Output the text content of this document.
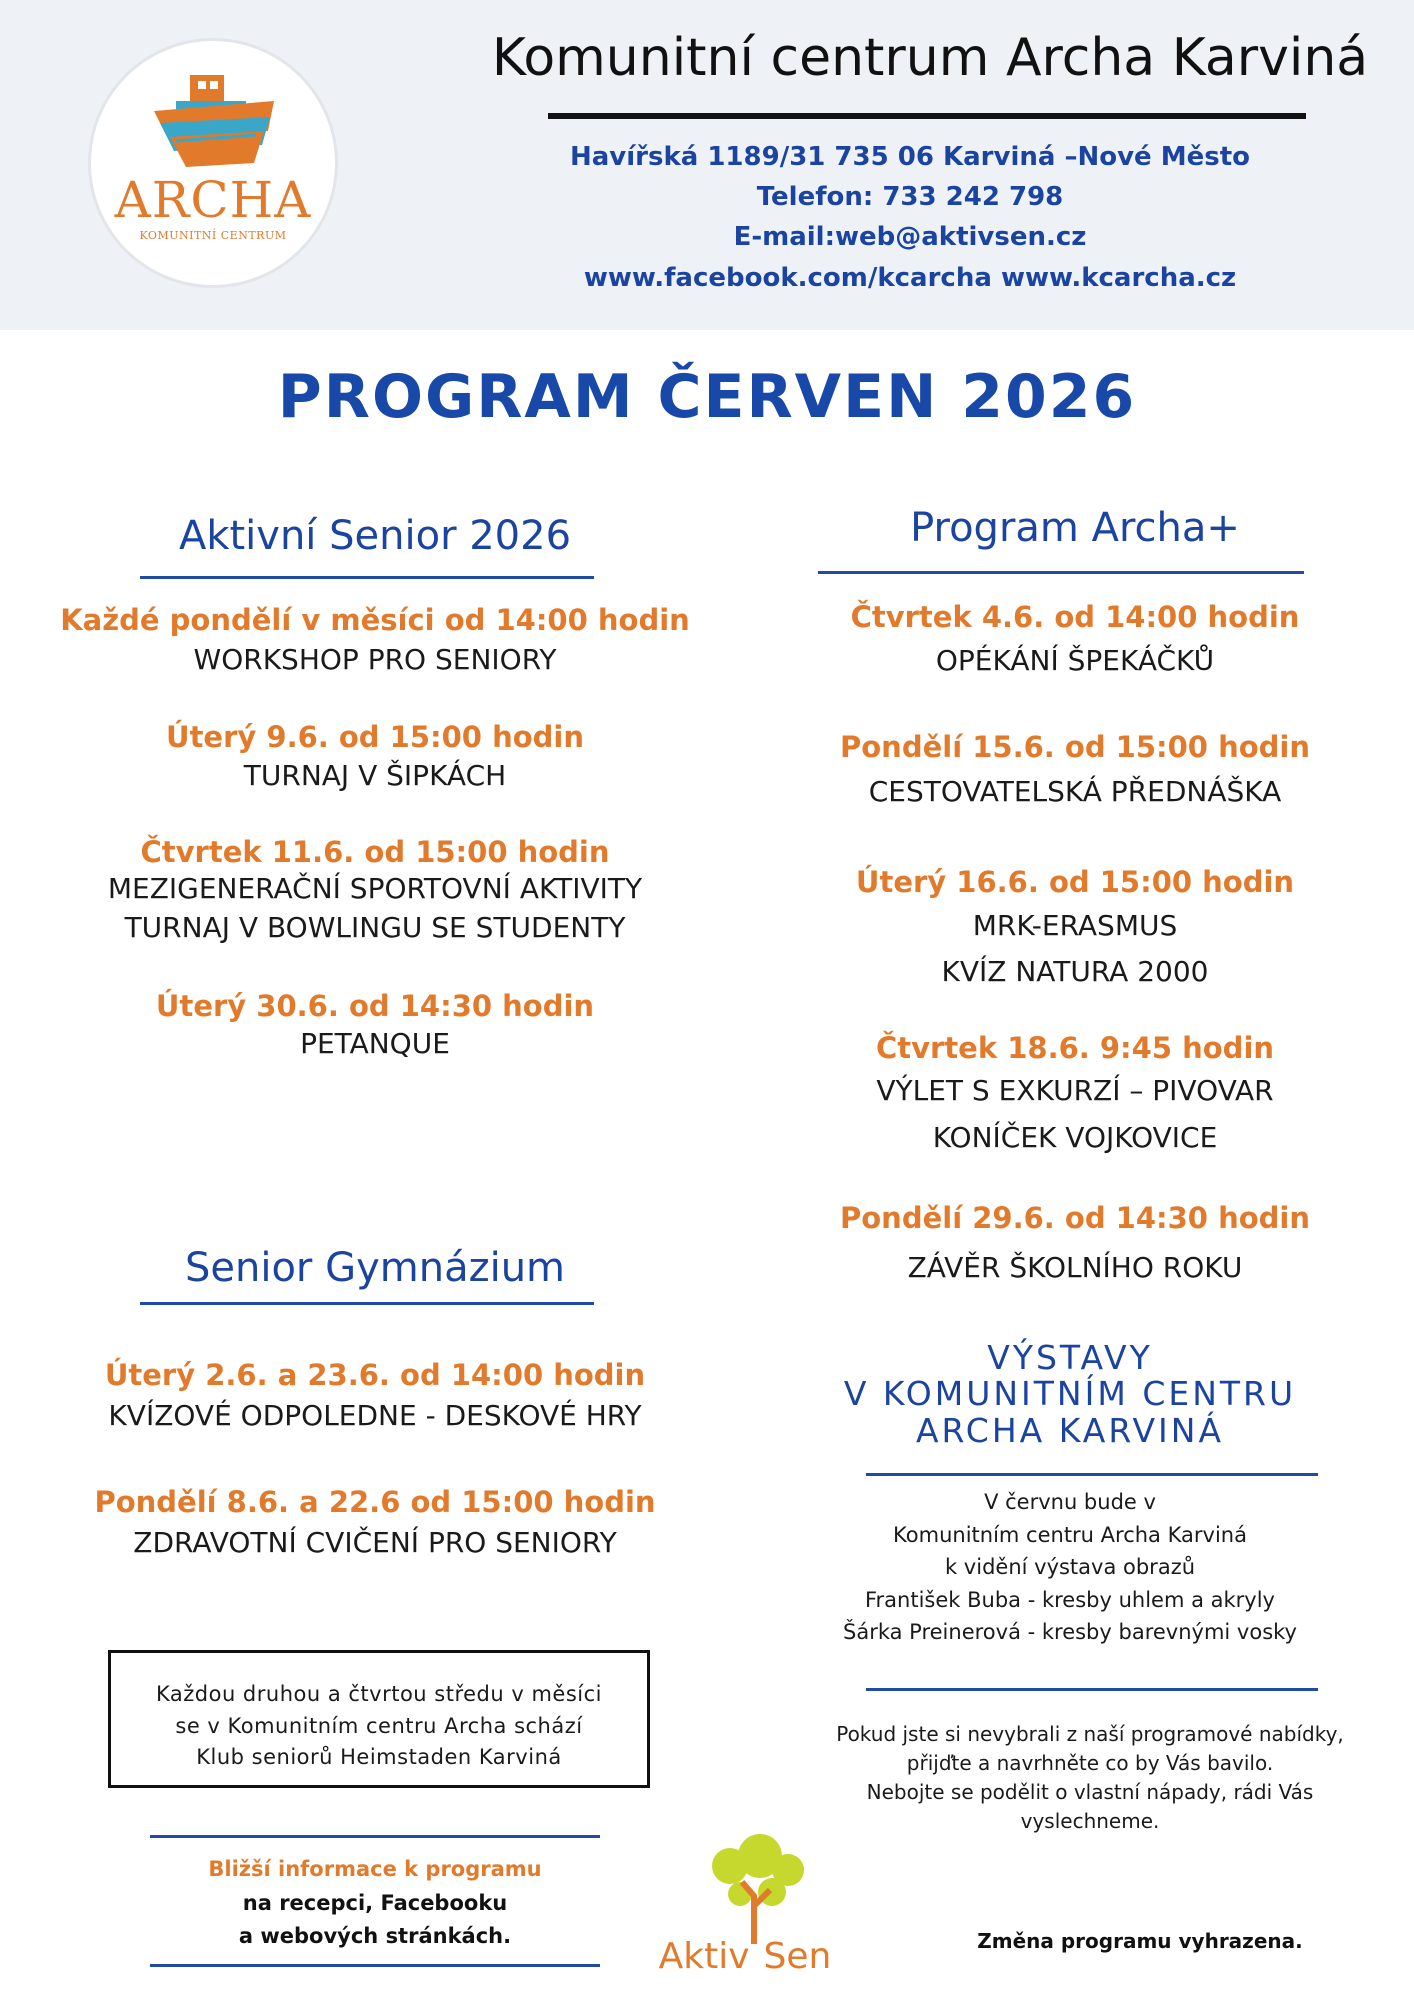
ARCHA
KOMUNITNÍ CENTRUM
Komunitní centrum Archa Karviná
Havířská 1189/31 735 06 Karviná –Nové Město
Telefon: 733 242 798
E-mail:web@aktivsen.cz
www.facebook.com/kcarcha www.kcarcha.cz
PROGRAM ČERVEN 2026
Aktivní Senior 2026
Každé pondělí v měsíci od 14:00 hodin
WORKSHOP PRO SENIORY
Úterý 9.6. od 15:00 hodin
TURNAJ V ŠIPKÁCH
Čtvrtek 11.6. od 15:00 hodin
MEZIGENERAČNÍ SPORTOVNÍ AKTIVITY
TURNAJ V BOWLINGU SE STUDENTY
Úterý 30.6. od 14:30 hodin
PETANQUE
Senior Gymnázium
Úterý 2.6. a 23.6. od 14:00 hodin
KVÍZOVÉ ODPOLEDNE - DESKOVÉ HRY
Pondělí 8.6. a 22.6 od 15:00 hodin
ZDRAVOTNÍ CVIČENÍ PRO SENIORY
Program Archa+
Čtvrtek 4.6. od 14:00 hodin
OPÉKÁNÍ ŠPEKÁČKŮ
Pondělí 15.6. od 15:00 hodin
CESTOVATELSKÁ PŘEDNÁŠKA
Úterý 16.6. od 15:00 hodin
MRK-ERASMUS
KVÍZ NATURA 2000
Čtvrtek 18.6. 9:45 hodin
VÝLET S EXKURZÍ – PIVOVAR
KONÍČEK VOJKOVICE
Pondělí 29.6. od 14:30 hodin
ZÁVĚR ŠKOLNÍHO ROKU
VÝSTAVY
V KOMUNITNÍM CENTRU
ARCHA KARVINÁ
V červnu bude v
Komunitním centru Archa Karviná
k vidění výstava obrazů
František Buba - kresby uhlem a akryly
Šárka Preinerová - kresby barevnými vosky
Pokud jste si nevybrali z naší programové nabídky,
přijďte a navrhněte co by Vás bavilo.
Nebojte se podělit o vlastní nápady, rádi Vás
vyslechneme.
Každou druhou a čtvrtou středu v měsíci
se v Komunitním centru Archa schází
Klub seniorů Heimstaden Karviná
Bližší informace k programu
na recepci, Facebooku
a webových stránkách.	Aktiv Sen	Změna programu vyhrazena.
